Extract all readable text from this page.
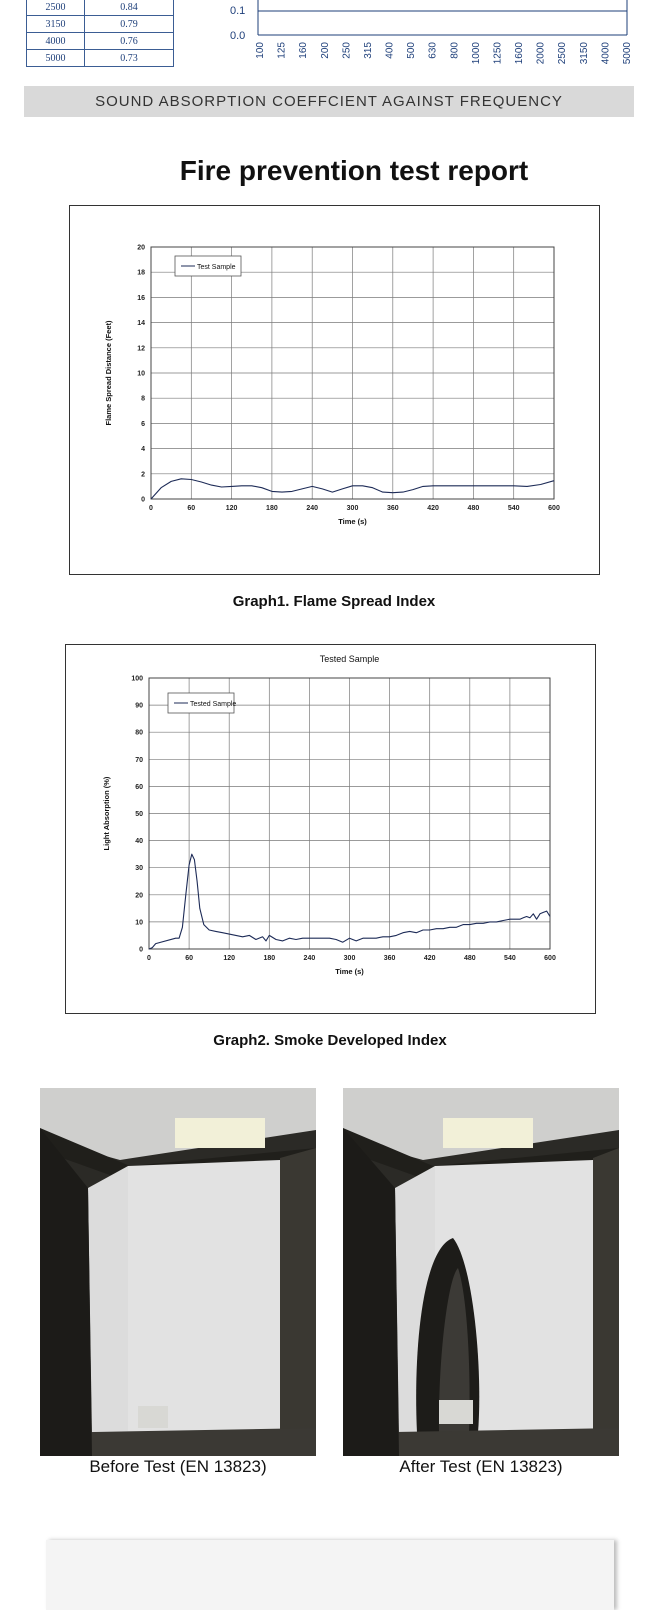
2500	0.84
3150	0.79
4000	0.76
5000	0.73
0.1
0.0
100 125 160 200 250 315 400 500 630 800 1000 1250 1600 2000 2500 3150 4000 5000
SOUND ABSORPTION COEFFCIENT AGAINST FREQUENCY
Fire prevention test report
0	60	120	180	240	300	360	420	480	540	600
0
2
4
6
8
10
12
14
16
18
20
Time (s)
Flame Spread Distance (Feet)
Test Sample
Graph1. Flame Spread Index
Tested Sample
0	60	120	180	240	300	360	420	480	540	600
0
10
20
30
40
50
60
70
80
90
100
Time (s)
Light Absorption (%)
Tested Sample
Graph2. Smoke Developed Index
Before Test (EN 13823)	After Test (EN 13823)
